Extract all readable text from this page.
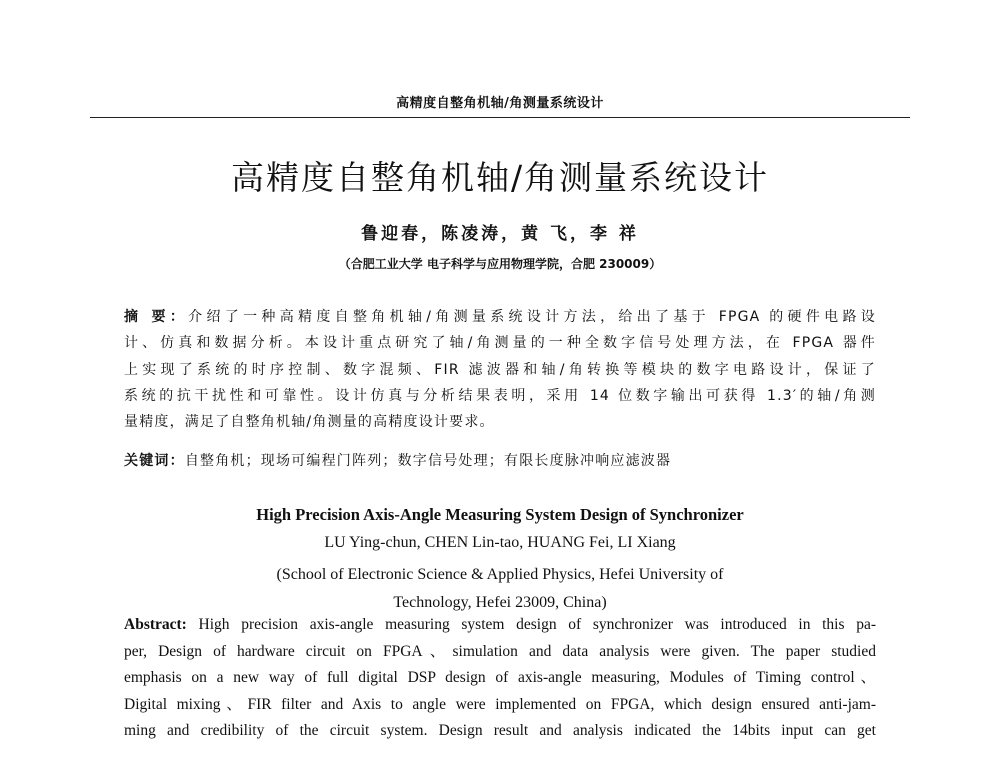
高精度自整角机轴/角测量系统设计
高精度自整角机轴/角测量系统设计
鲁迎春，陈凌涛，黄 飞，李 祥
（合肥工业大学 电子科学与应用物理学院，合肥 230009）
摘 要：介绍了一种高精度自整角机轴/角测量系统设计方法，给出了基于 FPGA 的硬件电路设
计、仿真和数据分析。本设计重点研究了轴/角测量的一种全数字信号处理方法，在 FPGA 器件
上实现了系统的时序控制、数字混频、FIR 滤波器和轴/角转换等模块的数字电路设计，保证了
系统的抗干扰性和可靠性。设计仿真与分析结果表明，采用 14 位数字输出可获得 1.3′的轴/角测
量精度，满足了自整角机轴/角测量的高精度设计要求。
关键词：自整角机；现场可编程门阵列；数字信号处理；有限长度脉冲响应滤波器
High Precision Axis-Angle Measuring System Design of Synchronizer
LU Ying-chun, CHEN Lin-tao, HUANG Fei, LI Xiang
(School of Electronic Science & Applied Physics, Hefei University of
Technology, Hefei 23009, China)
Abstract: High precision axis-angle measuring system design of synchronizer was introduced in this pa-
per, Design of hardware circuit on FPGA、simulation and data analysis were given. The paper studied
emphasis on a new way of full digital DSP design of axis-angle measuring, Modules of Timing control、
Digital mixing、FIR filter and Axis to angle were implemented on FPGA, which design ensured anti-jam-
ming and credibility of the circuit system. Design result and analysis indicated the 14bits input can get
